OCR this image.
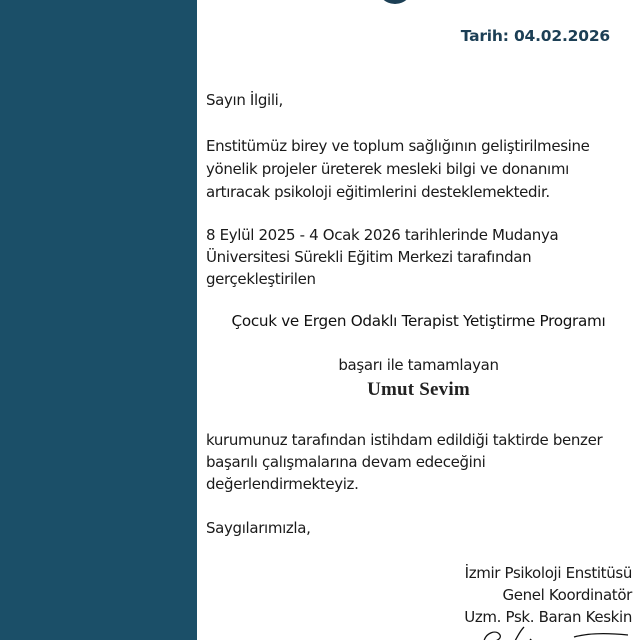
Tarih: 04.02.2026
Sayın İlgili,
Enstitümüz birey ve toplum sağlığının geliştirilmesine
yönelik projeler üreterek mesleki bilgi ve donanımı
artıracak psikoloji eğitimlerini desteklemektedir.
8 Eylül 2025 - 4 Ocak 2026 tarihlerinde Mudanya
Üniversitesi Sürekli Eğitim Merkezi tarafından
gerçekleştirilen
Çocuk ve Ergen Odaklı Terapist Yetiştirme Programı
başarı ile tamamlayan
Umut Sevim
kurumunuz tarafından istihdam edildiği taktirde benzer
başarılı çalışmalarına devam edeceğini
değerlendirmekteyiz.
Saygılarımızla,
İzmir Psikoloji Enstitüsü
Genel Koordinatör
Uzm. Psk. Baran Keskin
